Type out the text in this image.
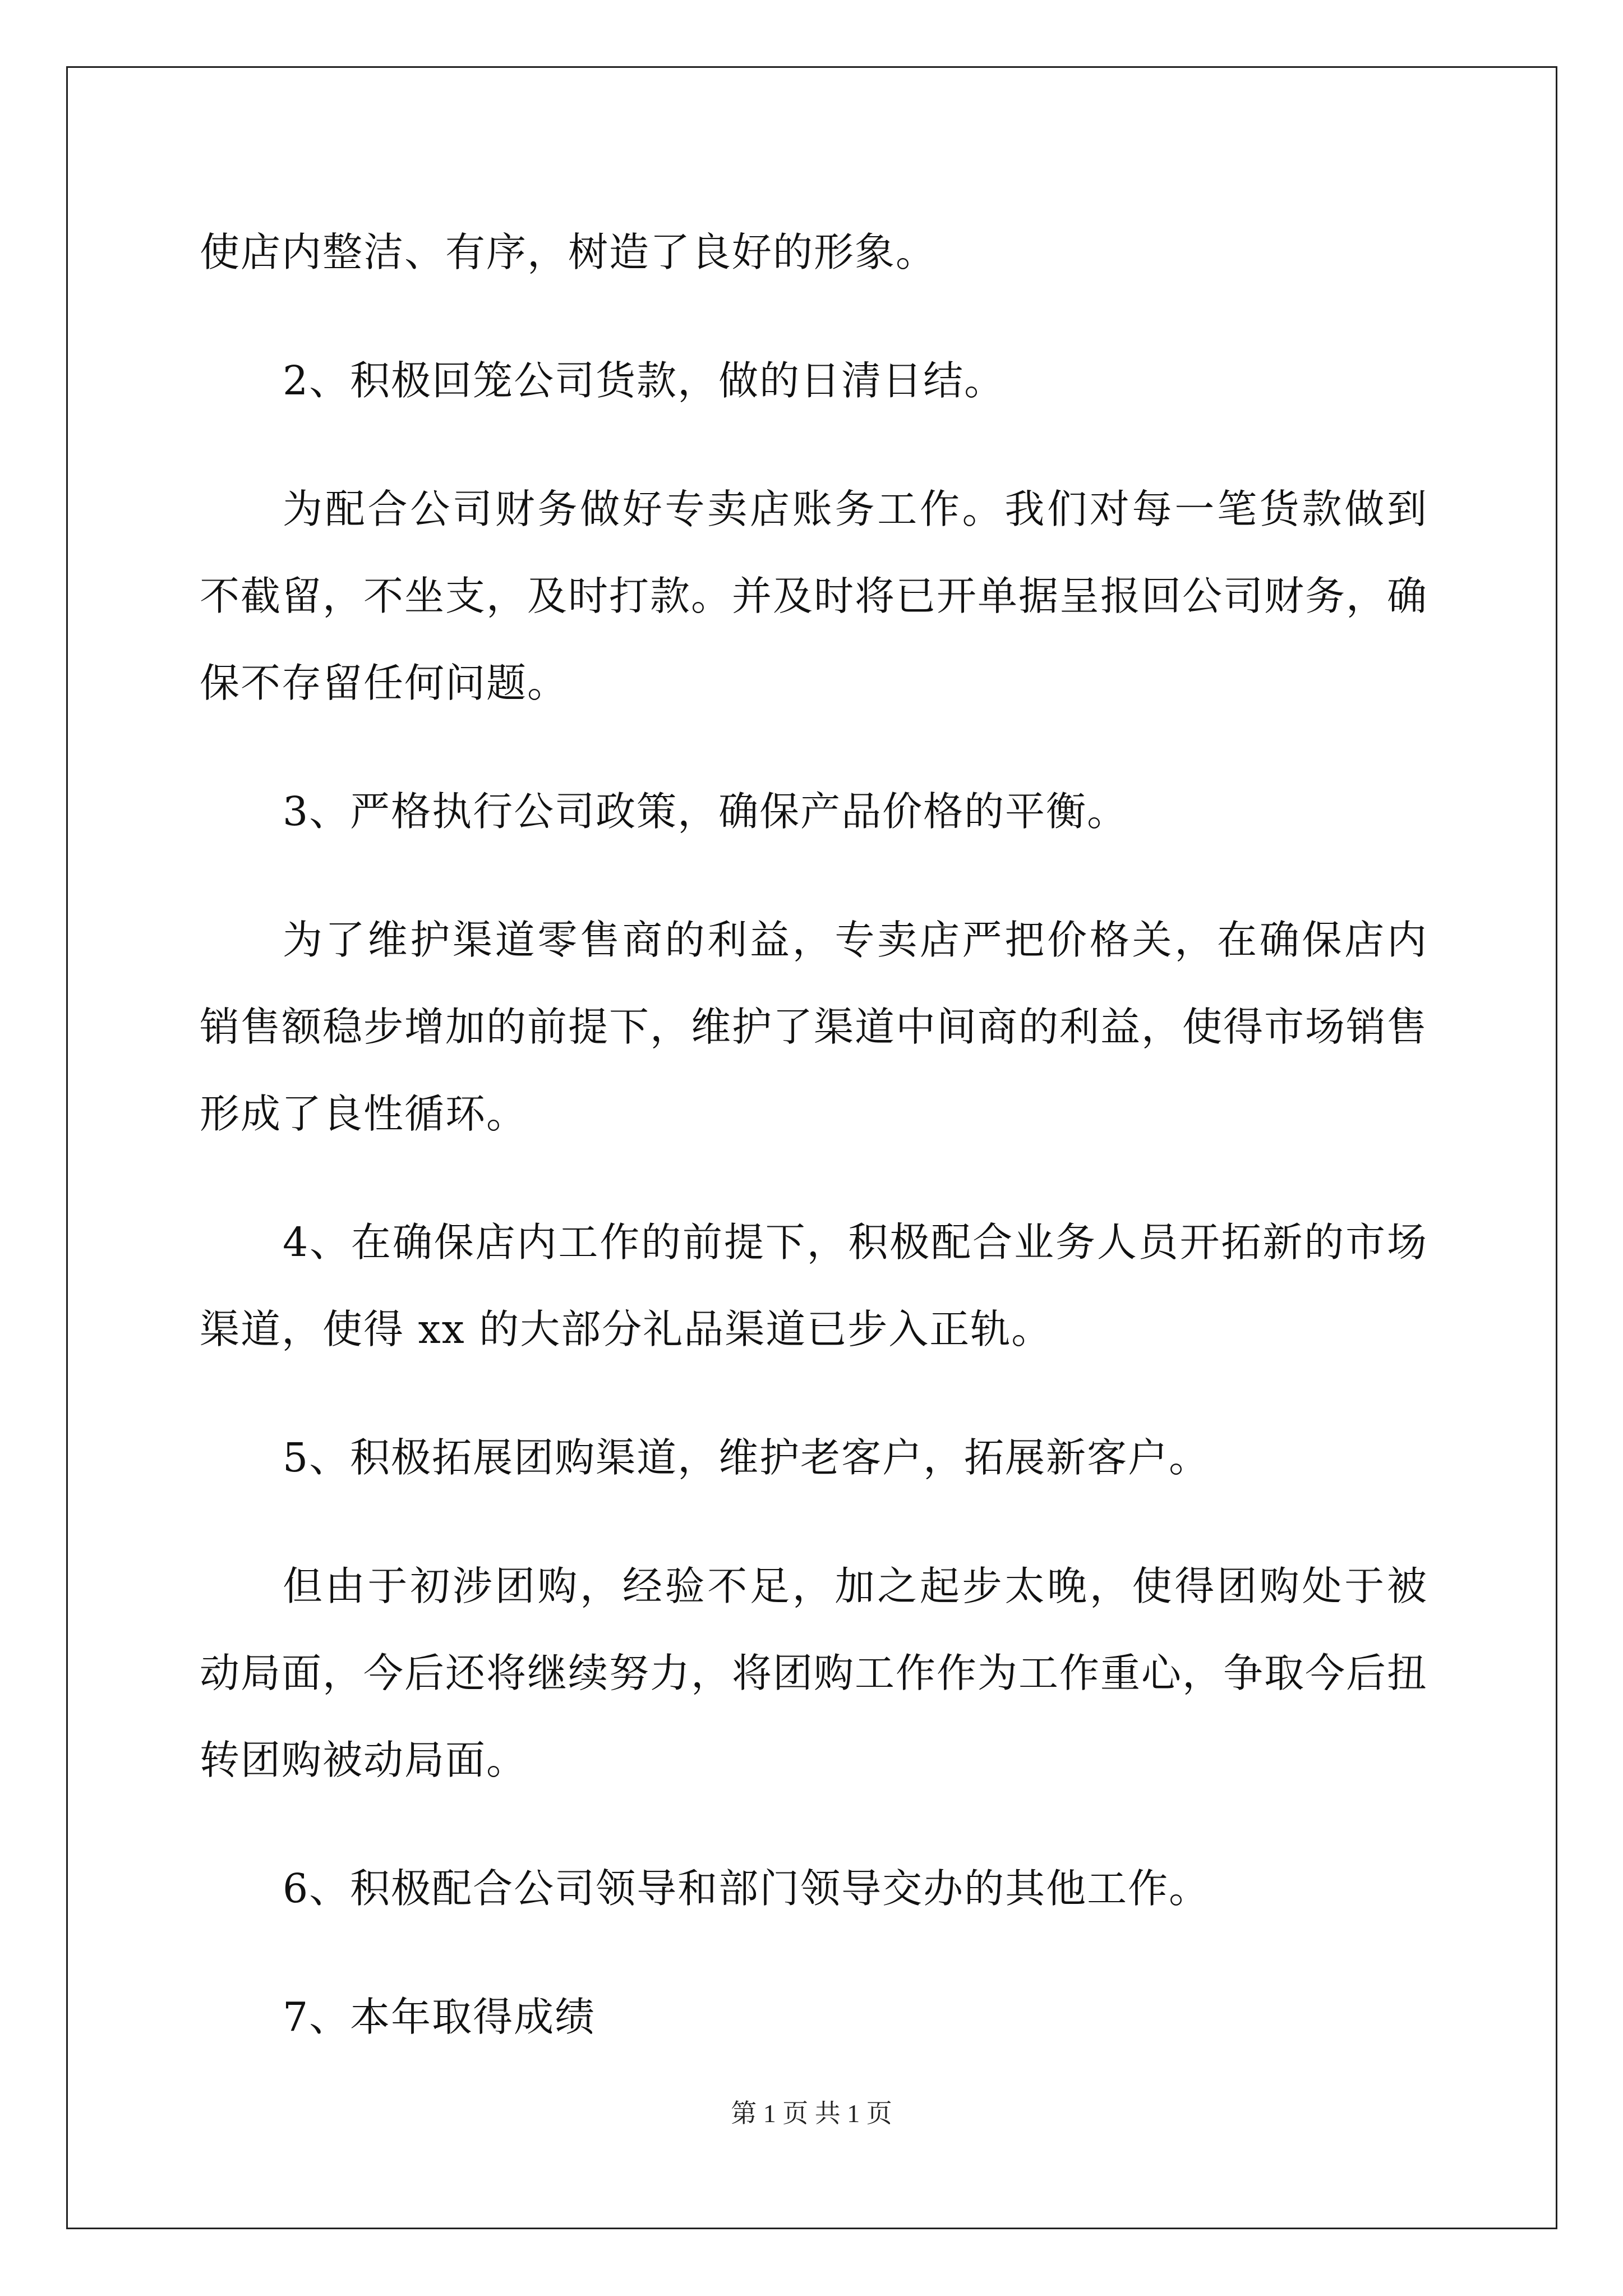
使店内整洁、有序，树造了良好的形象。

2、积极回笼公司货款，做的日清日结。

为配合公司财务做好专卖店账务工作。我们对每一笔货款做到不截留，不坐支，及时打款。并及时将已开单据呈报回公司财务，确保不存留任何问题。

3、严格执行公司政策，确保产品价格的平衡。

为了维护渠道零售商的利益，专卖店严把价格关，在确保店内销售额稳步增加的前提下，维护了渠道中间商的利益，使得市场销售形成了良性循环。

4、在确保店内工作的前提下，积极配合业务人员开拓新的市场渠道，使得 xx 的大部分礼品渠道已步入正轨。

5、积极拓展团购渠道，维护老客户，拓展新客户。

但由于初涉团购，经验不足，加之起步太晚，使得团购处于被动局面，今后还将继续努力，将团购工作作为工作重心，争取今后扭转团购被动局面。

6、积极配合公司领导和部门领导交办的其他工作。

7、本年取得成绩

第 1 页 共 1 页
